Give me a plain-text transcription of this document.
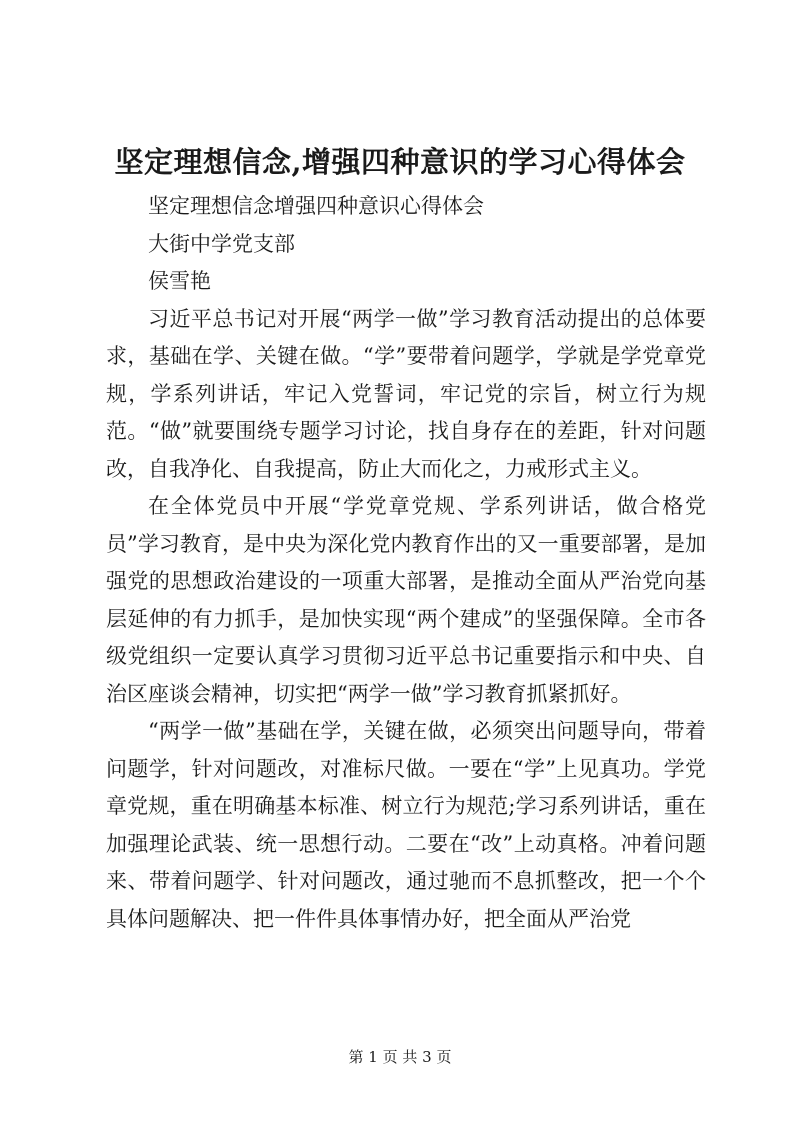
坚定理想信念,增强四种意识的学习心得体会

坚定理想信念增强四种意识心得体会

大街中学党支部

侯雪艳

习近平总书记对开展“两学一做”学习教育活动提出的总体要求，基础在学、关键在做。“学”要带着问题学，学就是学党章党规，学系列讲话，牢记入党誓词，牢记党的宗旨，树立行为规范。“做”就要围绕专题学习讨论，找自身存在的差距，针对问题改，自我净化、自我提高，防止大而化之，力戒形式主义。

在全体党员中开展“学党章党规、学系列讲话，做合格党员”学习教育，是中央为深化党内教育作出的又一重要部署，是加强党的思想政治建设的一项重大部署，是推动全面从严治党向基层延伸的有力抓手，是加快实现“两个建成”的坚强保障。全市各级党组织一定要认真学习贯彻习近平总书记重要指示和中央、自治区座谈会精神，切实把“两学一做”学习教育抓紧抓好。

“两学一做”基础在学，关键在做，必须突出问题导向，带着问题学，针对问题改，对准标尺做。一要在“学”上见真功。学党章党规，重在明确基本标准、树立行为规范;学习系列讲话，重在加强理论武装、统一思想行动。二要在“改”上动真格。冲着问题来、带着问题学、针对问题改，通过驰而不息抓整改，把一个个具体问题解决、把一件件具体事情办好，把全面从严治党

第 1 页 共 3 页
